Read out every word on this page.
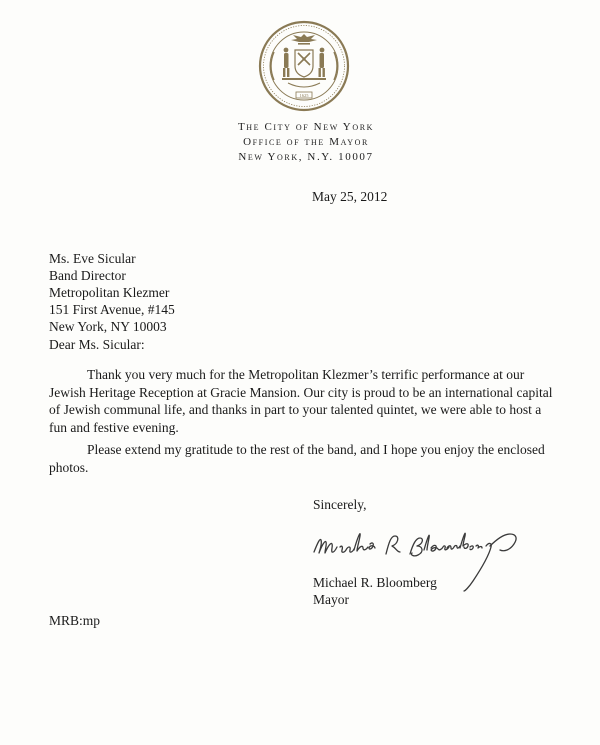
1625
The City of New York
Office of the Mayor
New York, N.Y. 10007
May 25, 2012
Ms. Eve Sicular
Band Director
Metropolitan Klezmer
151 First Avenue, #145
New York, NY 10003
Dear Ms. Sicular:
Thank you very much for the Metropolitan Klezmer’s terrific performance at our Jewish Heritage Reception at Gracie Mansion. Our city is proud to be an international capital of Jewish communal life, and thanks in part to your talented quintet, we were able to host a fun and festive evening.
Please extend my gratitude to the rest of the band, and I hope you enjoy the enclosed photos.
Sincerely,
Michael R. Bloomberg
Mayor
MRB:mp
